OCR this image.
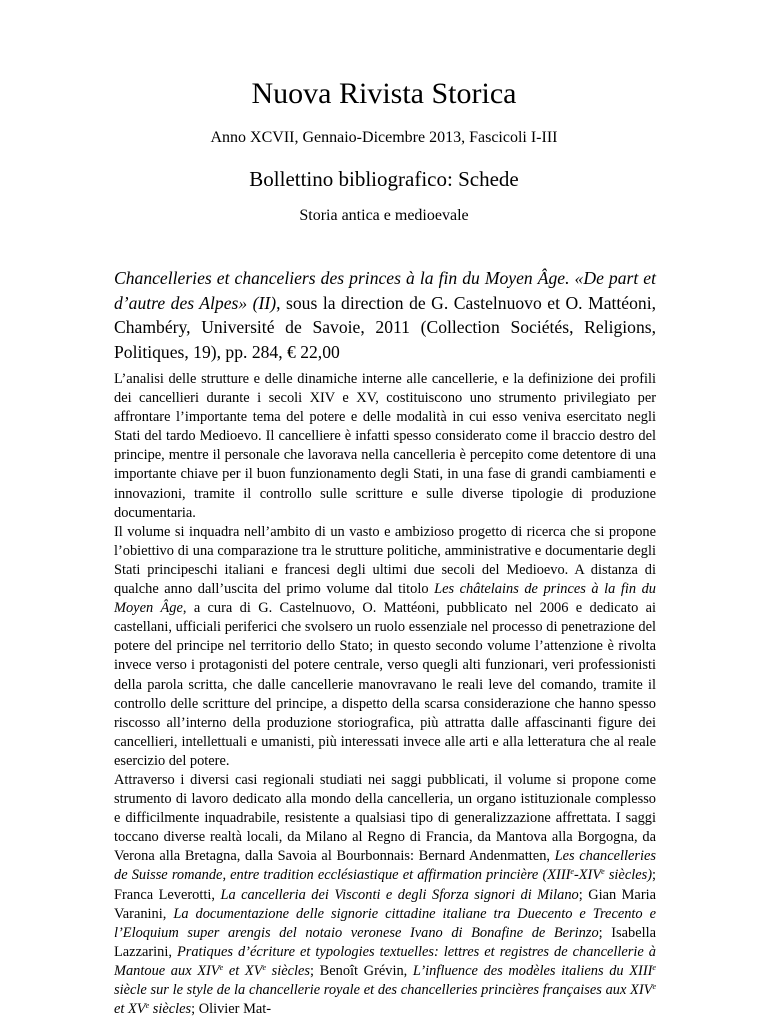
Nuova Rivista Storica
Anno XCVII, Gennaio-Dicembre 2013, Fascicoli I-III
Bollettino bibliografico: Schede
Storia antica e medioevale

Chancelleries et chanceliers des princes à la fin du Moyen Âge. «De part et d’autre des Alpes» (II), sous la direction de G. Castelnuovo et O. Mattéoni, Chambéry, Université de Savoie, 2011 (Collection Sociétés, Religions, Politiques, 19), pp. 284, € 22,00

L’analisi delle strutture e delle dinamiche interne alle cancellerie, e la definizione dei profili dei cancellieri durante i secoli XIV e XV, costituiscono uno strumento privilegiato per affrontare l’importante tema del potere e delle modalità in cui esso veniva esercitato negli Stati del tardo Medioevo. Il cancelliere è infatti spesso considerato come il braccio destro del principe, mentre il personale che lavorava nella cancelleria è percepito come detentore di una importante chiave per il buon funzionamento degli Stati, in una fase di grandi cambiamenti e innovazioni, tramite il controllo sulle scritture e sulle diverse tipologie di produzione documentaria.

Il volume si inquadra nell’ambito di un vasto e ambizioso progetto di ricerca che si propone l’obiettivo di una comparazione tra le strutture politiche, amministrative e documentarie degli Stati principeschi italiani e francesi degli ultimi due secoli del Medioevo. A distanza di qualche anno dall’uscita del primo volume dal titolo Les châtelains de princes à la fin du Moyen Âge, a cura di G. Castelnuovo, O. Mattéoni, pubblicato nel 2006 e dedicato ai castellani, ufficiali periferici che svolsero un ruolo essenziale nel processo di penetrazione del potere del principe nel territorio dello Stato; in questo secondo volume l’attenzione è rivolta invece verso i protagonisti del potere centrale, verso quegli alti funzionari, veri professionisti della parola scritta, che dalle cancellerie manovravano le reali leve del comando, tramite il controllo delle scritture del principe, a dispetto della scarsa considerazione che hanno spesso riscosso all’interno della produzione storiografica, più attratta dalle affascinanti figure dei cancellieri, intellettuali e umanisti, più interessati invece alle arti e alla letteratura che al reale esercizio del potere.

Attraverso i diversi casi regionali studiati nei saggi pubblicati, il volume si propone come strumento di lavoro dedicato alla mondo della cancelleria, un organo istituzionale complesso e difficilmente inquadrabile, resistente a qualsiasi tipo di generalizzazione affrettata. I saggi toccano diverse realtà locali, da Milano al Regno di Francia, da Mantova alla Borgogna, da Verona alla Bretagna, dalla Savoia al Bourbonnais: Bernard Andenmatten, Les chancelleries de Suisse romande, entre tradition ecclésiastique et affirmation princière (XIIIe-XIVe siècles); Franca Leverotti, La cancelleria dei Visconti e degli Sforza signori di Milano; Gian Maria Varanini, La documentazione delle signorie cittadine italiane tra Duecento e Trecento e l’Eloquium super arengis del notaio veronese Ivano di Bonafine de Berinzo; Isabella Lazzarini, Pratiques d’écriture et typologies textuelles: lettres et registres de chancellerie à Mantoue aux XIVe et XVe siècles; Benoît Grévin, L’influence des modèles italiens du XIIIe siècle sur le style de la chancellerie royale et des chancelleries princières françaises aux XIVe et XVe siècles; Olivier Mat-
